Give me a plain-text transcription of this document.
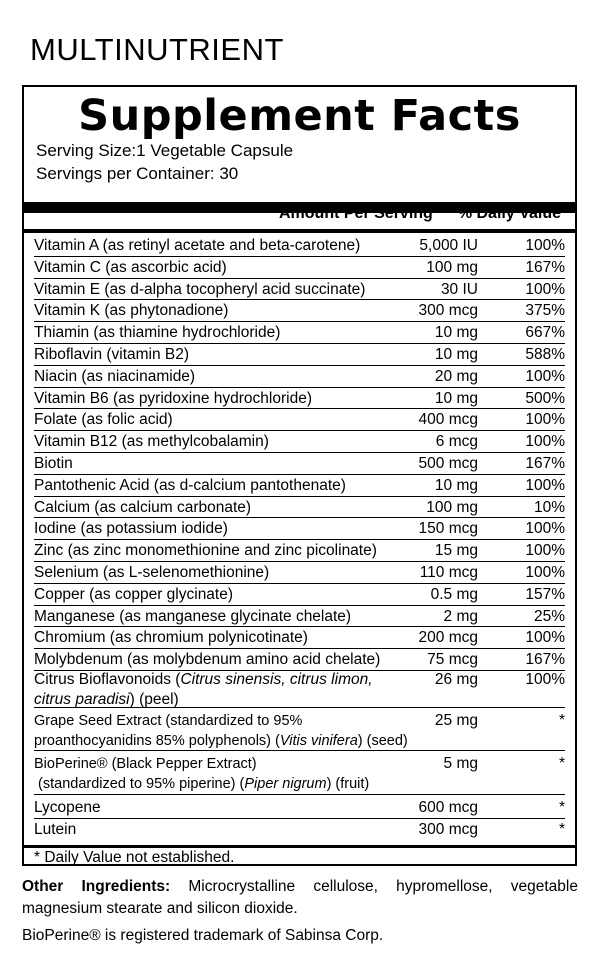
MULTINUTRIENT
Supplement Facts
Serving Size:1 Vegetable Capsule
Servings per Container: 30
Amount Per Serving % Daily Value
Vitamin A (as retinyl acetate and beta-carotene)	5,000 IU	100%
Vitamin C (as ascorbic acid)	100 mg	167%
Vitamin E (as d-alpha tocopheryl acid succinate)	30 IU	100%
Vitamin K (as phytonadione)	300 mcg	375%
Thiamin (as thiamine hydrochloride)	10 mg	667%
Riboflavin (vitamin B2)	10 mg	588%
Niacin (as niacinamide)	20 mg	100%
Vitamin B6 (as pyridoxine hydrochloride)	10 mg	500%
Folate (as folic acid)	400 mcg	100%
Vitamin B12 (as methylcobalamin)	6 mcg	100%
Biotin	500 mcg	167%
Pantothenic Acid (as d-calcium pantothenate)	10 mg	100%
Calcium (as calcium carbonate)	100 mg	10%
Iodine (as potassium iodide)	150 mcg	100%
Zinc (as zinc monomethionine and zinc picolinate)	15 mg	100%
Selenium (as L-selenomethionine)	110 mcg	100%
Copper (as copper glycinate)	0.5 mg	157%
Manganese (as manganese glycinate chelate)	2 mg	25%
Chromium (as chromium polynicotinate)	200 mcg	100%
Molybdenum (as molybdenum amino acid chelate)	75 mcg	167%
Citrus Bioflavonoids (Citrus sinensis, citrus limon,
citrus paradisi) (peel)
26 mg	100%
Grape Seed Extract (standardized to 95%
proanthocyanidins 85% polyphenols) (Vitis vinifera) (seed)
25 mg	*
BioPerine® (Black Pepper Extract)
(standardized to 95% piperine) (Piper nigrum) (fruit)
5 mg	*
Lycopene	600 mcg	*
Lutein	300 mcg	*
* Daily Value not established.
Other Ingredients: Microcrystalline cellulose, hypromellose, vegetable magnesium stearate and silicon dioxide.
BioPerine® is registered trademark of Sabinsa Corp.
